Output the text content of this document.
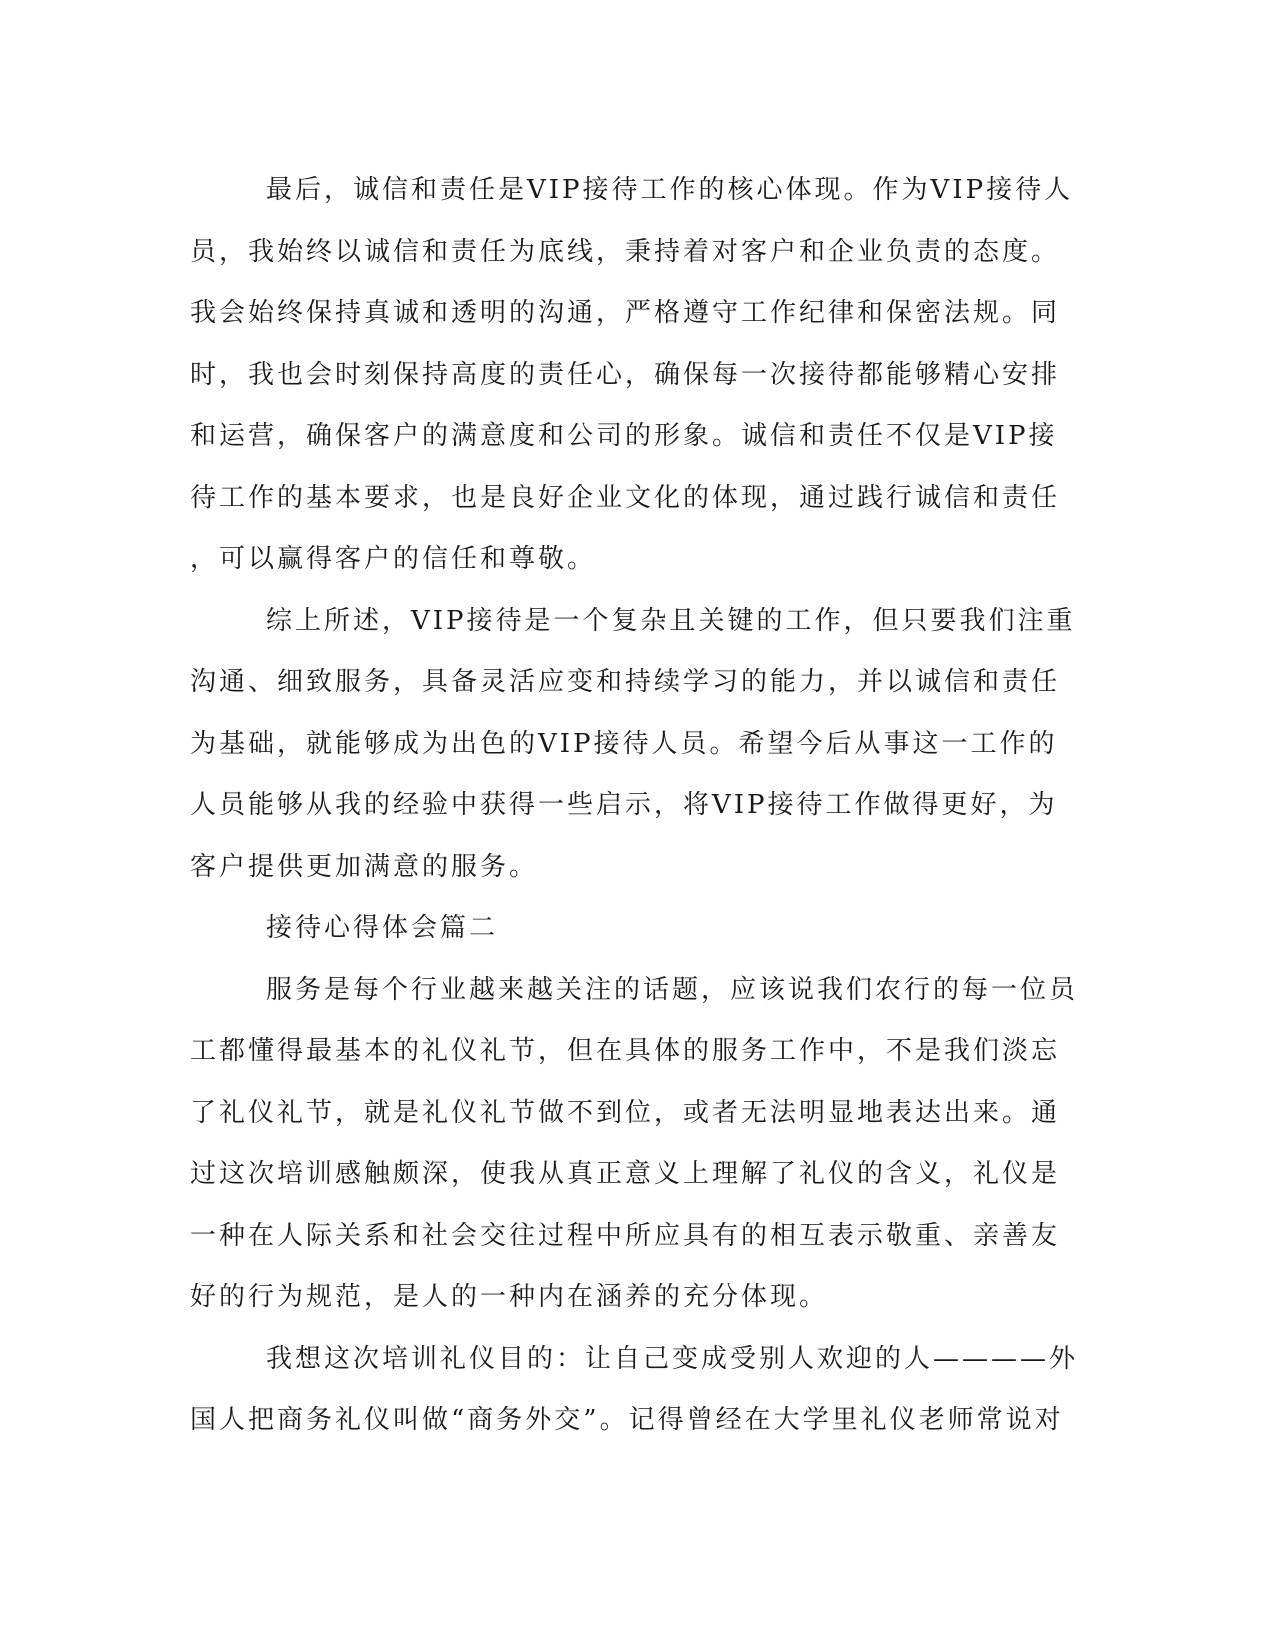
最后，诚信和责任是VIP接待工作的核心体现。作为VIP接待人
员，我始终以诚信和责任为底线，秉持着对客户和企业负责的态度。
我会始终保持真诚和透明的沟通，严格遵守工作纪律和保密法规。同
时，我也会时刻保持高度的责任心，确保每一次接待都能够精心安排
和运营，确保客户的满意度和公司的形象。诚信和责任不仅是VIP接
待工作的基本要求，也是良好企业文化的体现，通过践行诚信和责任
，可以赢得客户的信任和尊敬。
综上所述，VIP接待是一个复杂且关键的工作，但只要我们注重
沟通、细致服务，具备灵活应变和持续学习的能力，并以诚信和责任
为基础，就能够成为出色的VIP接待人员。希望今后从事这一工作的
人员能够从我的经验中获得一些启示，将VIP接待工作做得更好，为
客户提供更加满意的服务。
接待心得体会篇二
服务是每个行业越来越关注的话题，应该说我们农行的每一位员
工都懂得最基本的礼仪礼节，但在具体的服务工作中，不是我们淡忘
了礼仪礼节，就是礼仪礼节做不到位，或者无法明显地表达出来。通
过这次培训感触颇深，使我从真正意义上理解了礼仪的含义，礼仪是
一种在人际关系和社会交往过程中所应具有的相互表示敬重、亲善友
好的行为规范，是人的一种内在涵养的充分体现。
我想这次培训礼仪目的：让自己变成受别人欢迎的人————外
国人把商务礼仪叫做“商务外交”。记得曾经在大学里礼仪老师常说对
